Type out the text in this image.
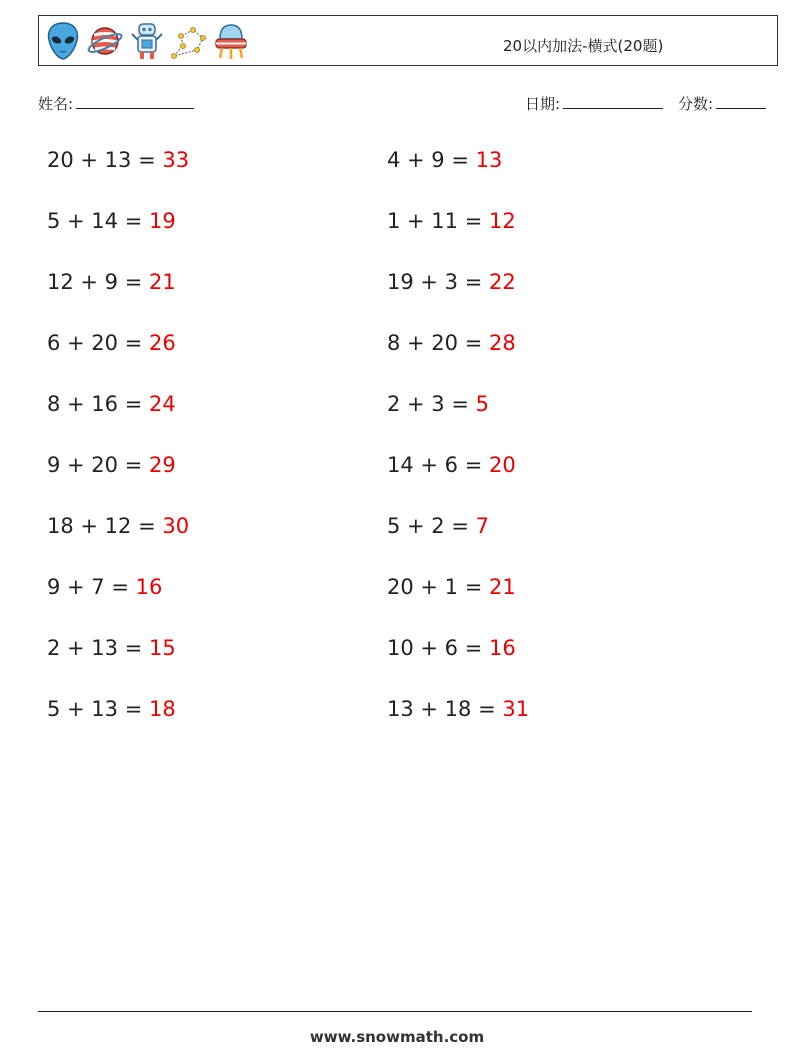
20以内加法-横式(20题)
姓名:	日期:	分数:
20 + 13 = 33	4 + 9 = 13
5 + 14 = 19	1 + 11 = 12
12 + 9 = 21	19 + 3 = 22
6 + 20 = 26	8 + 20 = 28
8 + 16 = 24	2 + 3 = 5
9 + 20 = 29	14 + 6 = 20
18 + 12 = 30	5 + 2 = 7
9 + 7 = 16	20 + 1 = 21
2 + 13 = 15	10 + 6 = 16
5 + 13 = 18	13 + 18 = 31
www.snowmath.com
